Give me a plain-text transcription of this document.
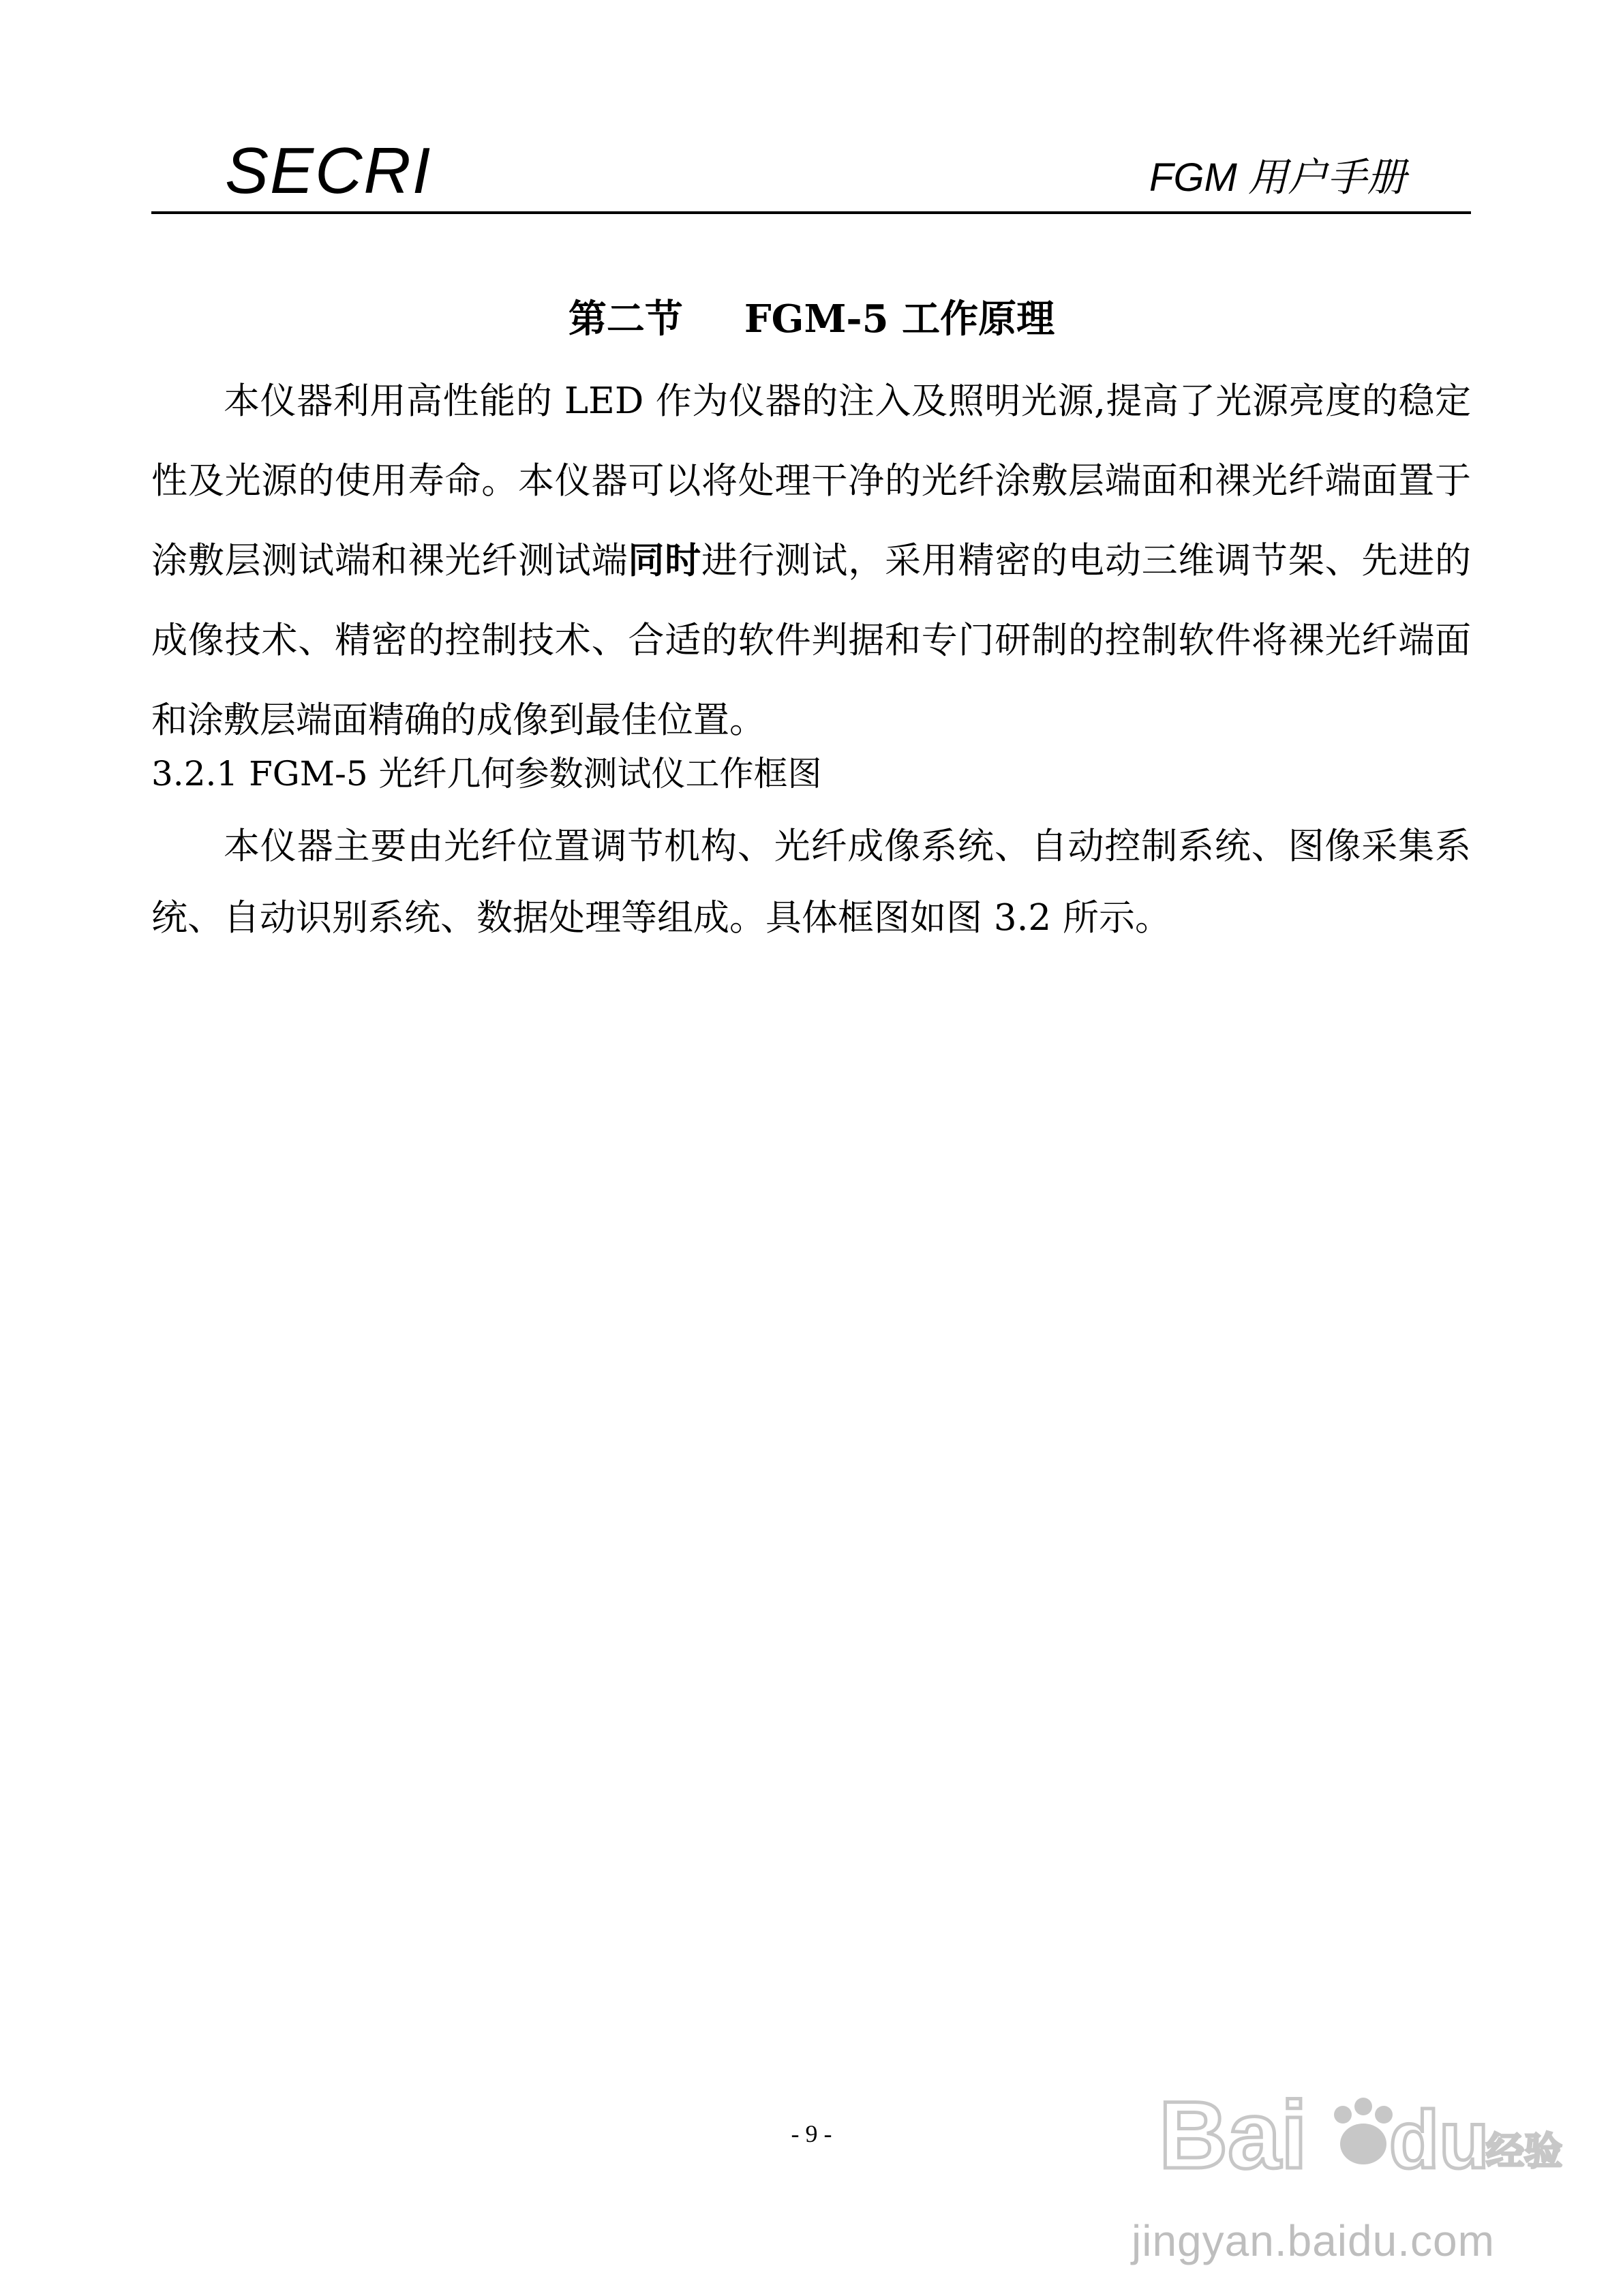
SECRI	FGM 用户手册
第二节 FGM-5 工作原理

本仪器利用高性能的 LED 作为仪器的注入及照明光源,提高了光源亮度的稳定性及光源的使用寿命。本仪器可以将处理干净的光纤涂敷层端面和裸光纤端面置于涂敷层测试端和裸光纤测试端同时进行测试，采用精密的电动三维调节架、先进的成像技术、精密的控制技术、合适的软件判据和专门研制的控制软件将裸光纤端面和涂敷层端面精确的成像到最佳位置。

3.2.1 FGM-5 光纤几何参数测试仪工作框图

本仪器主要由光纤位置调节机构、光纤成像系统、自动控制系统、图像采集系统、自动识别系统、数据处理等组成。具体框图如图 3.2 所示。

- 9 -	Bai du
经验
jingyan.baidu.com
